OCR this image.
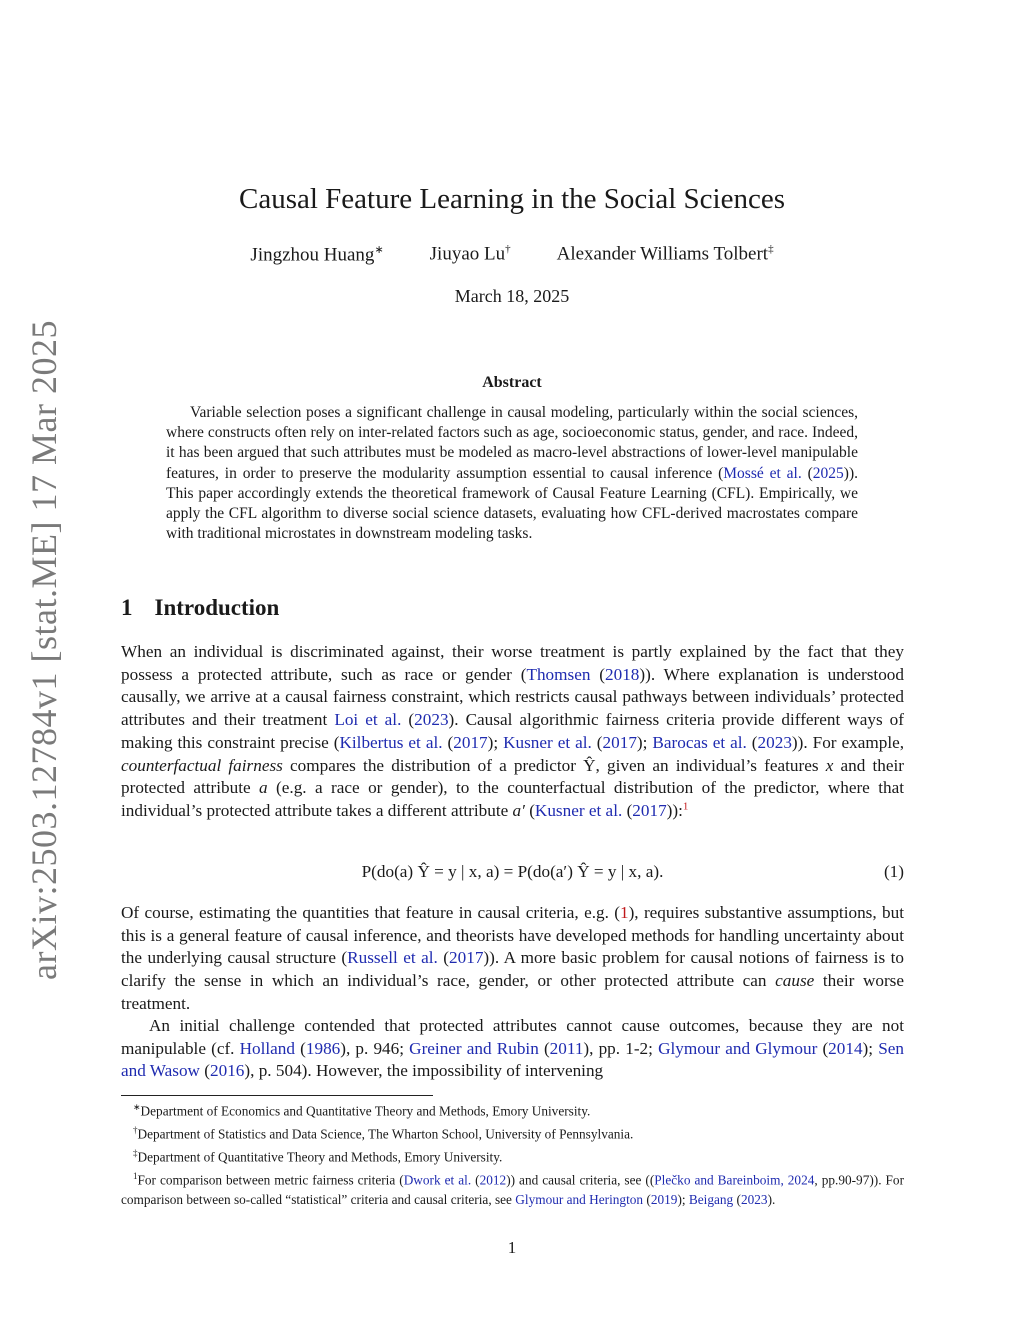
arXiv:2503.12784v1 [stat.ME] 17 Mar 2025
Causal Feature Learning in the Social Sciences
Jingzhou Huang∗ Jiuyao Lu† Alexander Williams Tolbert‡
March 18, 2025
Abstract

Variable selection poses a significant challenge in causal modeling, particularly within the social sciences, where constructs often rely on inter-related factors such as age, socioeconomic status, gender, and race. Indeed, it has been argued that such attributes must be modeled as macro-level abstractions of lower-level manipulable features, in order to preserve the modularity assumption essential to causal inference (Mossé et al. (2025)). This paper accordingly extends the theoretical framework of Causal Feature Learning (CFL). Empirically, we apply the CFL algorithm to diverse social science datasets, evaluating how CFL-derived macrostates compare with traditional microstates in downstream modeling tasks.

1 Introduction

When an individual is discriminated against, their worse treatment is partly explained by the fact that they possess a protected attribute, such as race or gender (Thomsen (2018)). Where explanation is understood causally, we arrive at a causal fairness constraint, which restricts causal pathways between individuals’ protected attributes and their treatment Loi et al. (2023). Causal algorithmic fairness criteria provide different ways of making this constraint precise (Kilbertus et al. (2017); Kusner et al. (2017); Barocas et al. (2023)). For example, counterfactual fairness compares the distribution of a predictor Ŷ, given an individual’s features x and their protected attribute a (e.g. a race or gender), to the counterfactual distribution of the predictor, where that individual’s protected attribute takes a different attribute a′ (Kusner et al. (2017)):$^1$

P(do(a) Ŷ = y | x, a) = P(do(a′) Ŷ = y | x, a).	(1)

Of course, estimating the quantities that feature in causal criteria, e.g. (1), requires substantive assumptions, but this is a general feature of causal inference, and theorists have developed methods for handling uncertainty about the underlying causal structure (Russell et al. (2017)). A more basic problem for causal notions of fairness is to clarify the sense in which an individual’s race, gender, or other protected attribute can cause their worse treatment.

An initial challenge contended that protected attributes cannot cause outcomes, because they are not manipulable (cf. Holland (1986), p. 946; Greiner and Rubin (2011), pp. 1-2; Glymour and Glymour (2014); Sen and Wasow (2016), p. 504). However, the impossibility of intervening

∗Department of Economics and Quantitative Theory and Methods, Emory University.

†Department of Statistics and Data Science, The Wharton School, University of Pennsylvania.

‡Department of Quantitative Theory and Methods, Emory University.

$^1$For comparison between metric fairness criteria (Dwork et al. (2012)) and causal criteria, see ((Plečko and Bareinboim, 2024, pp.90-97)). For comparison between so-called “statistical” criteria and causal criteria, see Glymour and Herington (2019); Beigang (2023).

1
